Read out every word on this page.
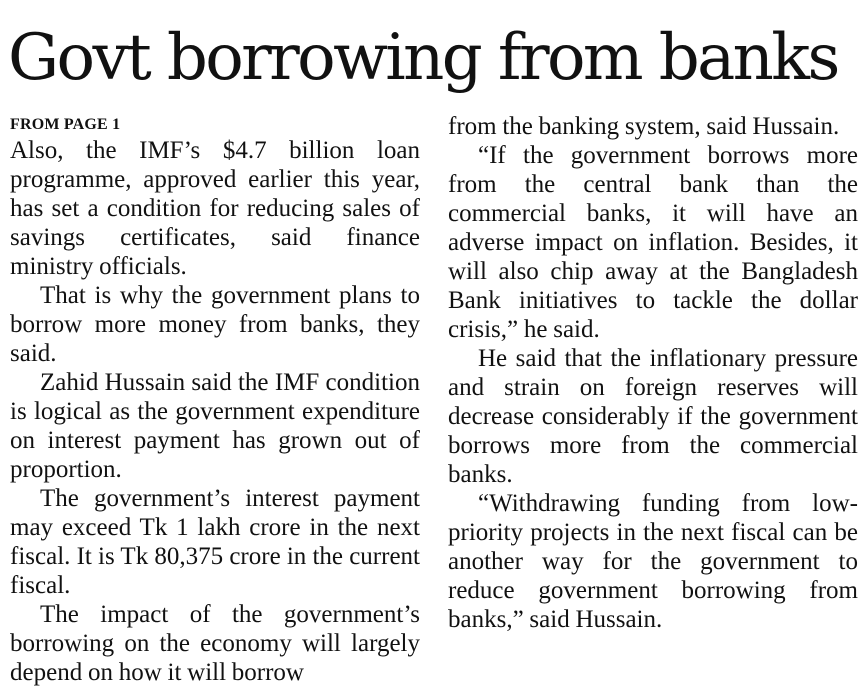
Govt borrowing from banks
FROM PAGE 1

Also, the IMF’s $4.7 billion loan programme, approved earlier this year, has set a condition for reducing sales of savings certificates, said finance ministry officials.

That is why the government plans to borrow more money from banks, they said.

Zahid Hussain said the IMF condition is logical as the government expenditure on interest payment has grown out of proportion.

The government’s interest payment may exceed Tk 1 lakh crore in the next fiscal. It is Tk 80,375 crore in the current fiscal.

The impact of the government’s borrowing on the economy will largely depend on how it will borrow

from the banking system, said Hussain.

“If the government borrows more from the central bank than the commercial banks, it will have an adverse impact on inflation. Besides, it will also chip away at the Bangladesh Bank initiatives to tackle the dollar crisis,” he said.

He said that the inflationary pressure and strain on foreign reserves will decrease considerably if the government borrows more from the commercial banks.

“Withdrawing funding from low-priority projects in the next fiscal can be another way for the government to reduce government borrowing from banks,” said Hussain.
